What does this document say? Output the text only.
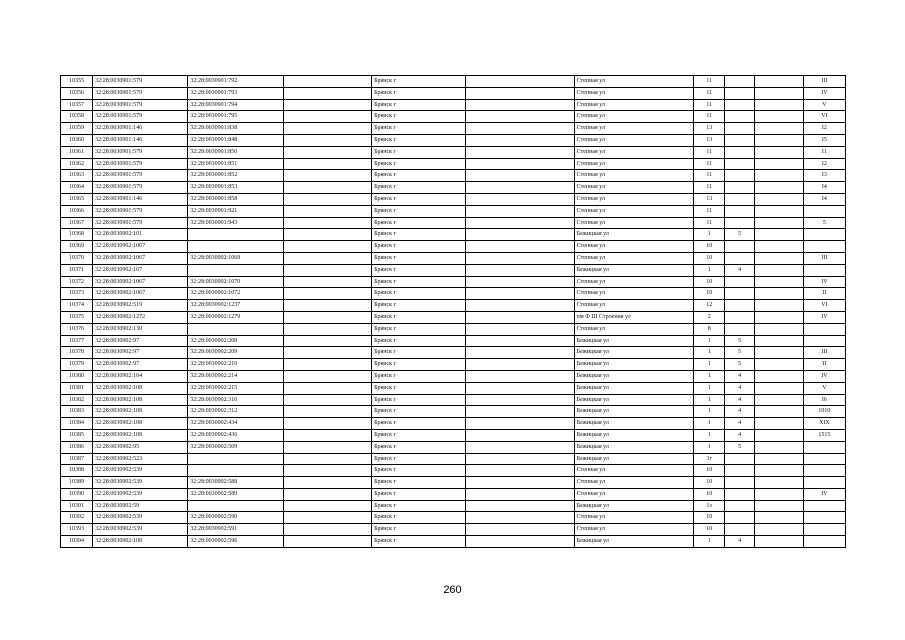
10355	32:28:0030901:579	32:28:0030901:792		Брянск г		Степная ул	11			III
10356	32:28:0030901:579	32:28:0030901:793		Брянск г		Степная ул	11			IV
10357	32:28:0030901:579	32:28:0030901:794		Брянск г		Степная ул	11			V
10358	32:28:0030901:579	32:28:0030901:795		Брянск г		Степная ул	11			VI
10359	32:28:0030901:146	32:28:0030901:838		Брянск г		Степная ул	13			I2
10360	32:28:0030901:146	32:28:0030901:848		Брянск г		Степная ул	13			I5
10361	32:28:0030901:579	32:28:0030901:850		Брянск г		Степная ул	11			I1
10362	32:28:0030901:579	32:28:0030901:851		Брянск г		Степная ул	11			I2
10363	32:28:0030901:579	32:28:0030901:852		Брянск г		Степная ул	11			I3
10364	32:28:0030901:579	32:28:0030901:853		Брянск г		Степная ул	11			I4
10365	32:28:0030901:146	32:28:0030901:858		Брянск г		Степная ул	13			I4
10366	32:28:0030901:579	32:28:0030901:921		Брянск г		Степная ул	11			
10367	32:28:0030901:579	32:28:0030901:943		Брянск г		Степная ул	11			5
10368	32:28:0030902:101			Брянск г		Бежицкая ул	1	5		
10369	32:28:0030902:1067			Брянск г		Степная ул	10			
10370	32:28:0030902:1067	32:28:0030902:1069		Брянск г		Степная ул	10			III
10371	32:28:0030902:107			Брянск г		Бежицкая ул	1	4		
10372	32:28:0030902:1067	32:28:0030902:1070		Брянск г		Степная ул	10			IV
10373	32:28:0030902:1067	32:28:0030902:1072		Брянск г		Степная ул	10			II
10374	32:28:0030902:519	32:28:0030902:1237		Брянск г		Степная ул	12			VI
10375	32:28:0030902:1272	32:28:0030902:1279		Брянск г		пм Ф Ш Строения ул	2			IV
10376	32:28:0030902:130			Брянск г		Степная ул	8			
10377	32:28:0030902:97	32:28:0030902:208		Брянск г		Бежицкая ул	1	5		
10378	32:28:0030902:97	32:28:0030902:209		Брянск г		Бежицкая ул	1	5		III
10379	32:28:0030902:97	32:28:0030902:210		Брянск г		Бежицкая ул	1	5		II
10380	32:28:0030902:104	32:28:0030902:214		Брянск г		Бежицкая ул	1	4		IV
10381	32:28:0030902:108	32:28:0030902:215		Брянск г		Бежицкая ул	1	4		V
10382	32:28:0030902:108	32:28:0030902:310		Брянск г		Бежицкая ул	1	4		I6
10383	32:28:0030902:108	32:28:0030902:312		Брянск г		Бежицкая ул	1	4		1010
10384	32:28:0030902:108	32:28:0030902:434		Брянск г		Бежицкая ул	1	4		XIX
10385	32:28:0030902:108	32:28:0030902:436		Брянск г		Бежицкая ул	1	4		1515
10386	32:28:0030902:95	32:28:0030902:509		Брянск г		Бежицкая ул	1	5		
10387	32:28:0030902:523			Брянск г		Бежицкая ул	1г			
10388	32:28:0030902:539			Брянск г		Степная ул	10			
10389	32:28:0030902:539	32:28:0030902:588		Брянск г		Степная ул	10			
10390	32:28:0030902:539	32:28:0030902:589		Брянск г		Степная ул	10			IV
10391	32:28:0030902:59			Брянск г		Бежицкая ул	1з			
10392	32:28:0030902:539	32:28:0030902:590		Брянск г		Степная ул	10			
10393	32:28:0030902:539	32:28:0030902:591		Брянск г		Степная ул	10			
10394	32:28:0030902:108	32:28:0030902:596		Брянск г		Бежицкая ул	1	4		
260
